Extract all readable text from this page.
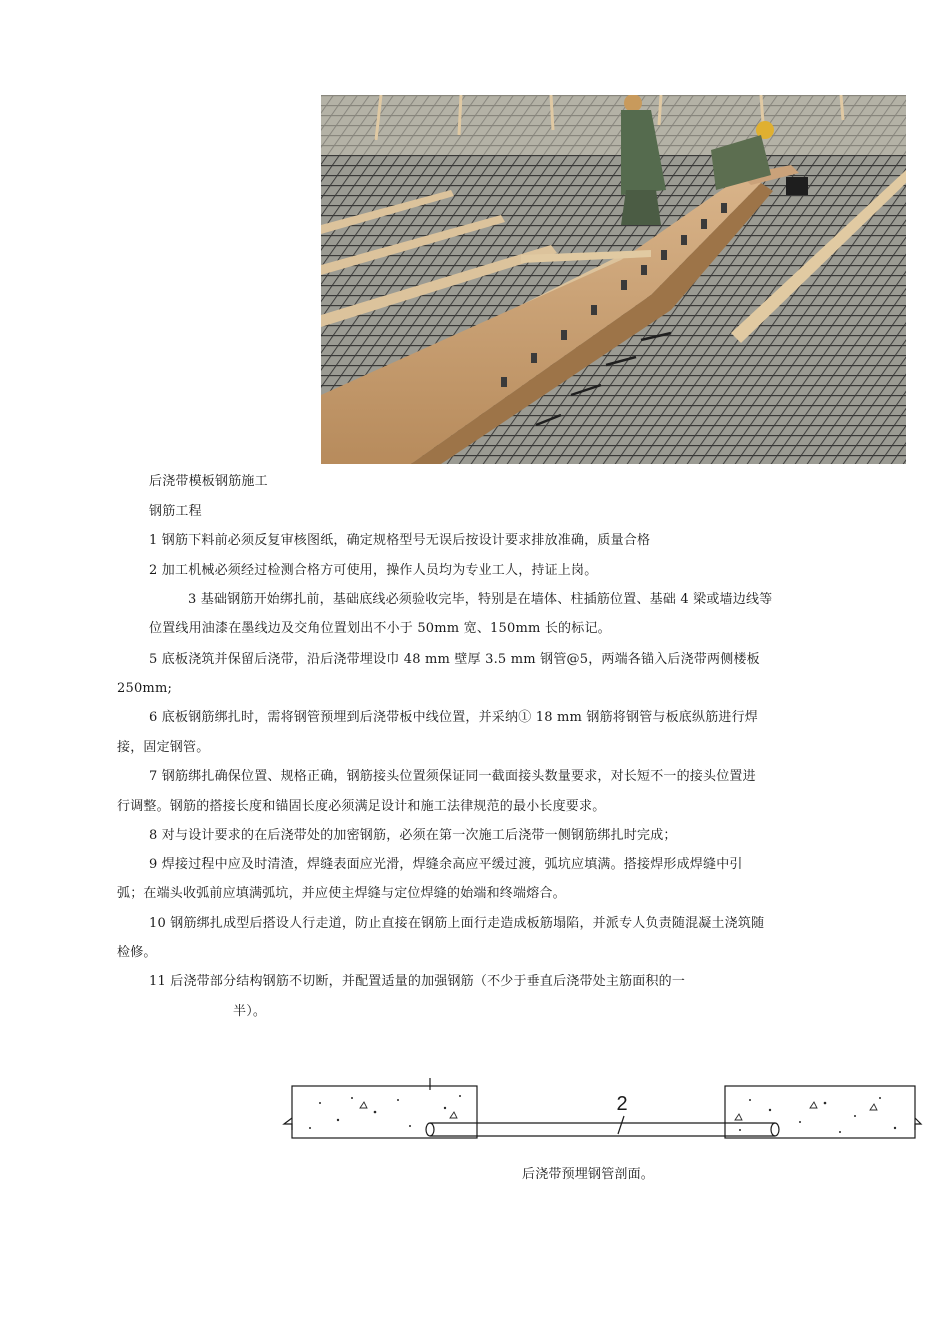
后浇带模板钢筋施工
钢筋工程
1 钢筋下料前必须反复审核图纸，确定规格型号无误后按设计要求排放准确，质量合格
2 加工机械必须经过检测合格方可使用，操作人员均为专业工人，持证上岗。
3 基础钢筋开始绑扎前，基础底线必须验收完毕，特别是在墙体、柱插筋位置、基础 4 梁或墙边线等
位置线用油漆在墨线边及交角位置划出不小于 50mm 宽、150mm 长的标记。
5 底板浇筑并保留后浇带，沿后浇带埋设巾 48 mm 壁厚 3.5 mm 钢管@5，两端各锚入后浇带两侧楼板
250mm;
6 底板钢筋绑扎时，需将钢管预埋到后浇带板中线位置，并采纳① 18 mm 钢筋将钢管与板底纵筋进行焊
接，固定钢管。
7 钢筋绑扎确保位置、规格正确，钢筋接头位置须保证同一截面接头数量要求，对长短不一的接头位置进
行调整。钢筋的搭接长度和锚固长度必须满足设计和施工法律规范的最小长度要求。
8 对与设计要求的在后浇带处的加密钢筋，必须在第一次施工后浇带一侧钢筋绑扎时完成；
9 焊接过程中应及时清渣，焊缝表面应光滑，焊缝余高应平缓过渡，弧坑应填满。搭接焊形成焊缝中引
弧；在端头收弧前应填满弧坑，并应使主焊缝与定位焊缝的始端和终端熔合。
10 钢筋绑扎成型后搭设人行走道，防止直接在钢筋上面行走造成板筋塌陷，并派专人负责随混凝土浇筑随
检修。
11 后浇带部分结构钢筋不切断，并配置适量的加强钢筋（不少于垂直后浇带处主筋面积的一
半）。
2
后浇带预埋钢管剖面。
